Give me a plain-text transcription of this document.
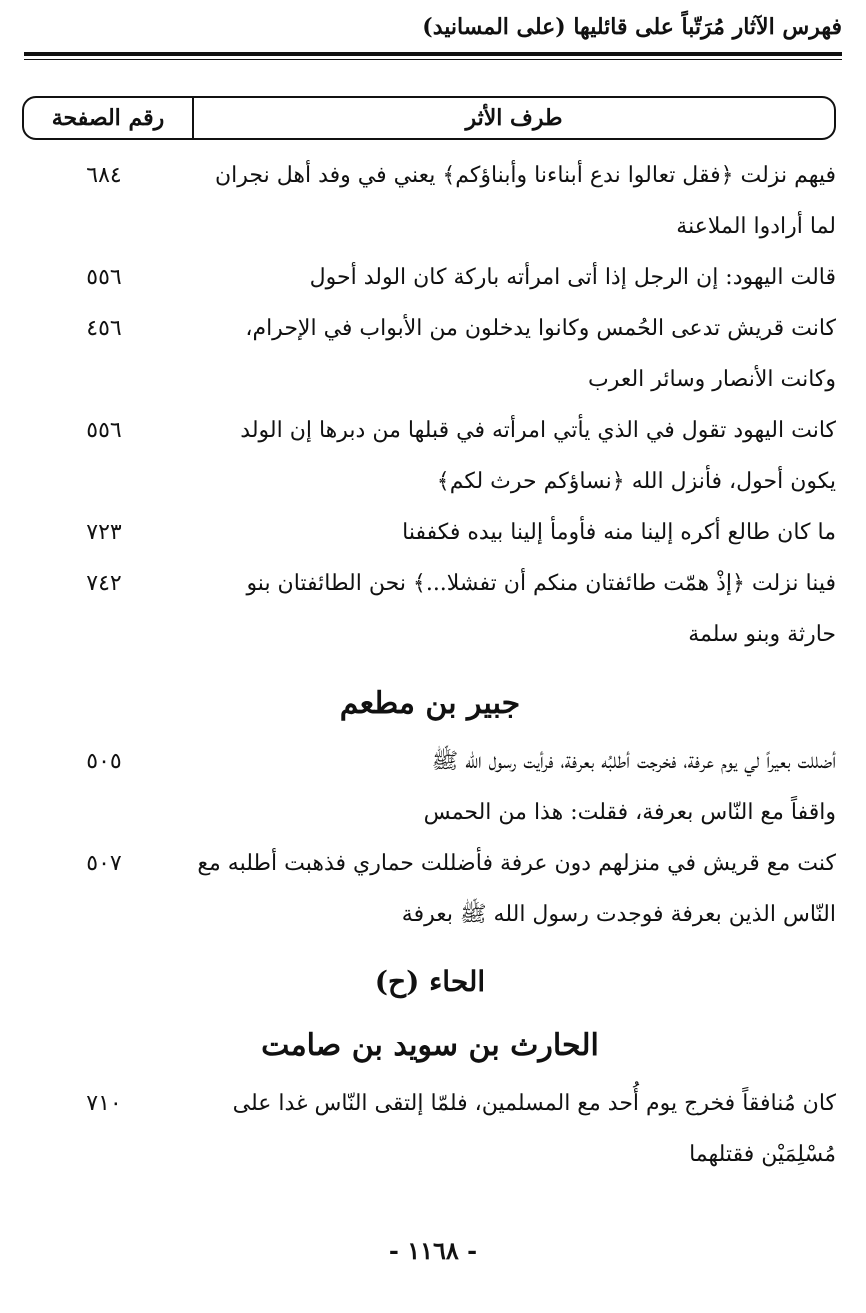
فهرس الآثار مُرَتّباً على قائليها (على المسانيد)
طرف الأثر
رقم الصفحة
فيهم نزلت ﴿فقل تعالوا ندع أبناءنا وأبناؤكم﴾ يعني في وفد أهل نجران
لما أرادوا الملاعنة
٦٨٤
قالت اليهود: إن الرجل إذا أتى امرأته باركة كان الولد أحول
٥٥٦
كانت قريش تدعى الحُمس وكانوا يدخلون من الأبواب في الإحرام،
وكانت الأنصار وسائر العرب
٤٥٦
كانت اليهود تقول في الذي يأتي امرأته في قبلها من دبرها إن الولد
يكون أحول، فأنزل الله ﴿نساؤكم حرث لكم﴾
٥٥٦
ما كان طالع أكره إلينا منه فأومأ إلينا بيده فكففنا
٧٢٣
فينا نزلت ﴿إذْ همّت طائفتان منكم أن تفشلا...﴾ نحن الطائفتان بنو
حارثة وبنو سلمة
٧٤٢
جبير بن مطعم
أضللت بعيراً لي يوم عرفة، فخرجت أطلبُه بعرفة، فرأيت رسول الله ﷺ
واقفاً مع النّاس بعرفة، فقلت: هذا من الحمس
٥٠٥
كنت مع قريش في منزلهم دون عرفة فأضللت حماري فذهبت أطلبه مع
النّاس الذين بعرفة فوجدت رسول الله ﷺ بعرفة
٥٠٧
الحاء (ح)
الحارث بن سويد بن صامت
كان مُنافقاً فخرج يوم أُحد مع المسلمين، فلمّا إلتقى النّاس غدا على
مُسْلِمَيْن فقتلهما
٧١٠
- ١١٦٨ -
